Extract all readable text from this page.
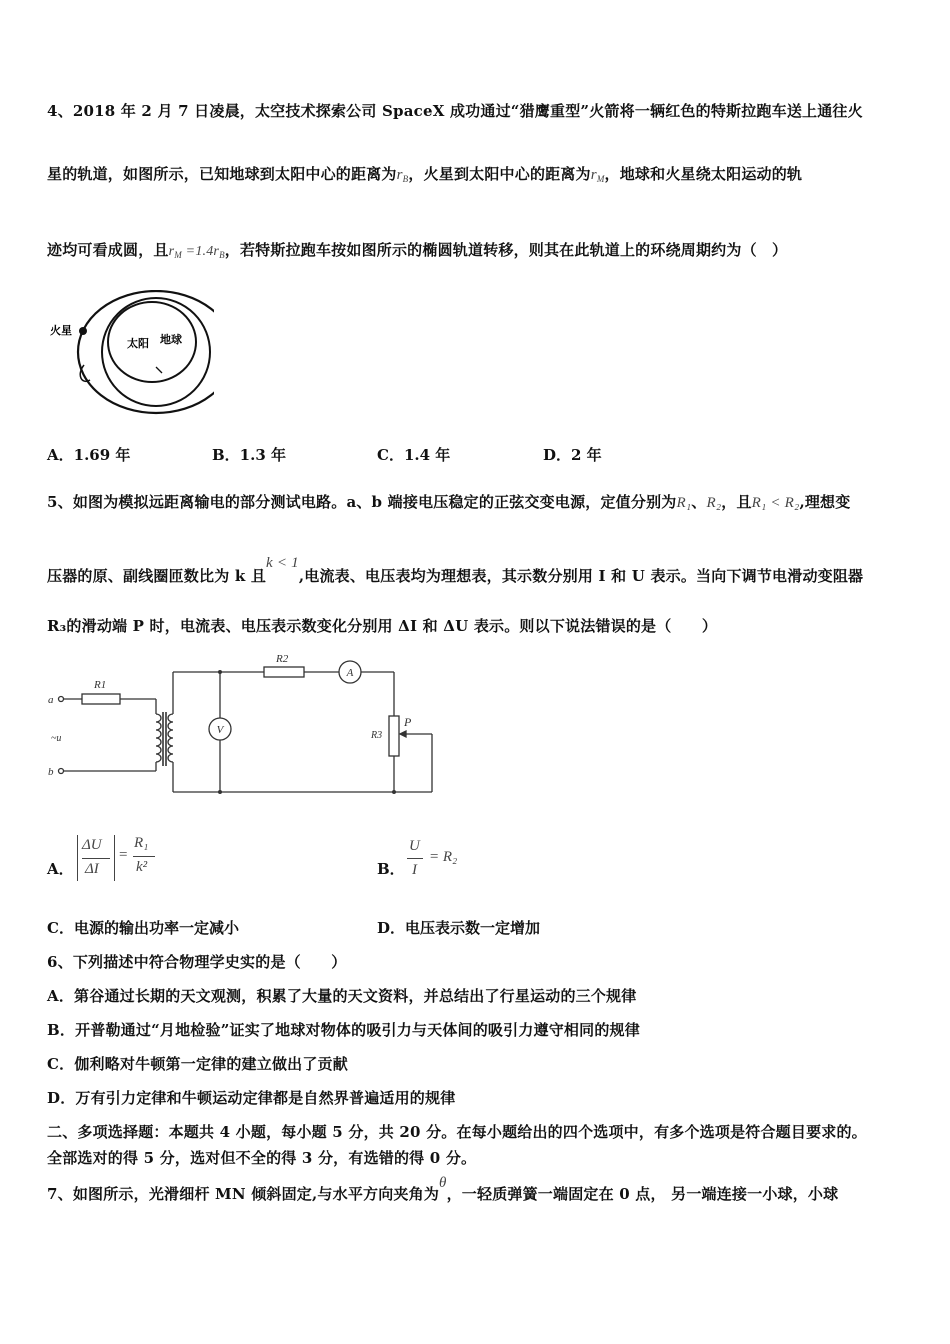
4、2018 年 2 月 7 日凌晨，太空技术探索公司 SpaceX 成功通过“猎鹰重型”火箭将一辆红色的特斯拉跑车送上通往火
星的轨道，如图所示，已知地球到太阳中心的距离为$r_B$，火星到太阳中心的距离为$r_M$，地球和火星绕太阳运动的轨
迹均可看成圆，且$r_M =1.4r_B$，若特斯拉跑车按如图所示的椭圆轨道转移，则其在此轨道上的环绕周期约为（　）
火星
太阳 地球
A．1.69 年	B．1.3 年	C．1.4 年	D．2 年
5、如图为模拟远距离输电的部分测试电路。a、b 端接电压稳定的正弦交变电源，定值分别为R₁、R₂，且R₁ < R₂,理想变
压器的原、副线圈匝数比为 k 且k < 1,电流表、电压表均为理想表，其示数分别用 I 和 U 表示。当向下调节电滑动变阻器
R₃的滑动端 P 时，电流表、电压表示数变化分别用 ΔI 和 ΔU 表示。则以下说法错误的是（　　）
a
~u
b
R1
R2
R3
P
A
V
A．
ΔU
ΔI
=
R₁
k²	B．
U
I
= R₂
C．电源的输出功率一定减小	D．电压表示数一定增加
6、下列描述中符合物理学史实的是（　　）
A．第谷通过长期的天文观测，积累了大量的天文资料，并总结出了行星运动的三个规律
B．开普勒通过“月地检验”证实了地球对物体的吸引力与天体间的吸引力遵守相同的规律
C．伽利略对牛顿第一定律的建立做出了贡献
D．万有引力定律和牛顿运动定律都是自然界普遍适用的规律
二、多项选择题：本题共 4 小题，每小题 5 分，共 20 分。在每小题给出的四个选项中，有多个选项是符合题目要求的。
全部选对的得 5 分，选对但不全的得 3 分，有选错的得 0 分。
7、如图所示，光滑细杆 MN 倾斜固定,与水平方向夹角为θ，一轻质弹簧一端固定在 0 点， 另一端连接一小球，小球
